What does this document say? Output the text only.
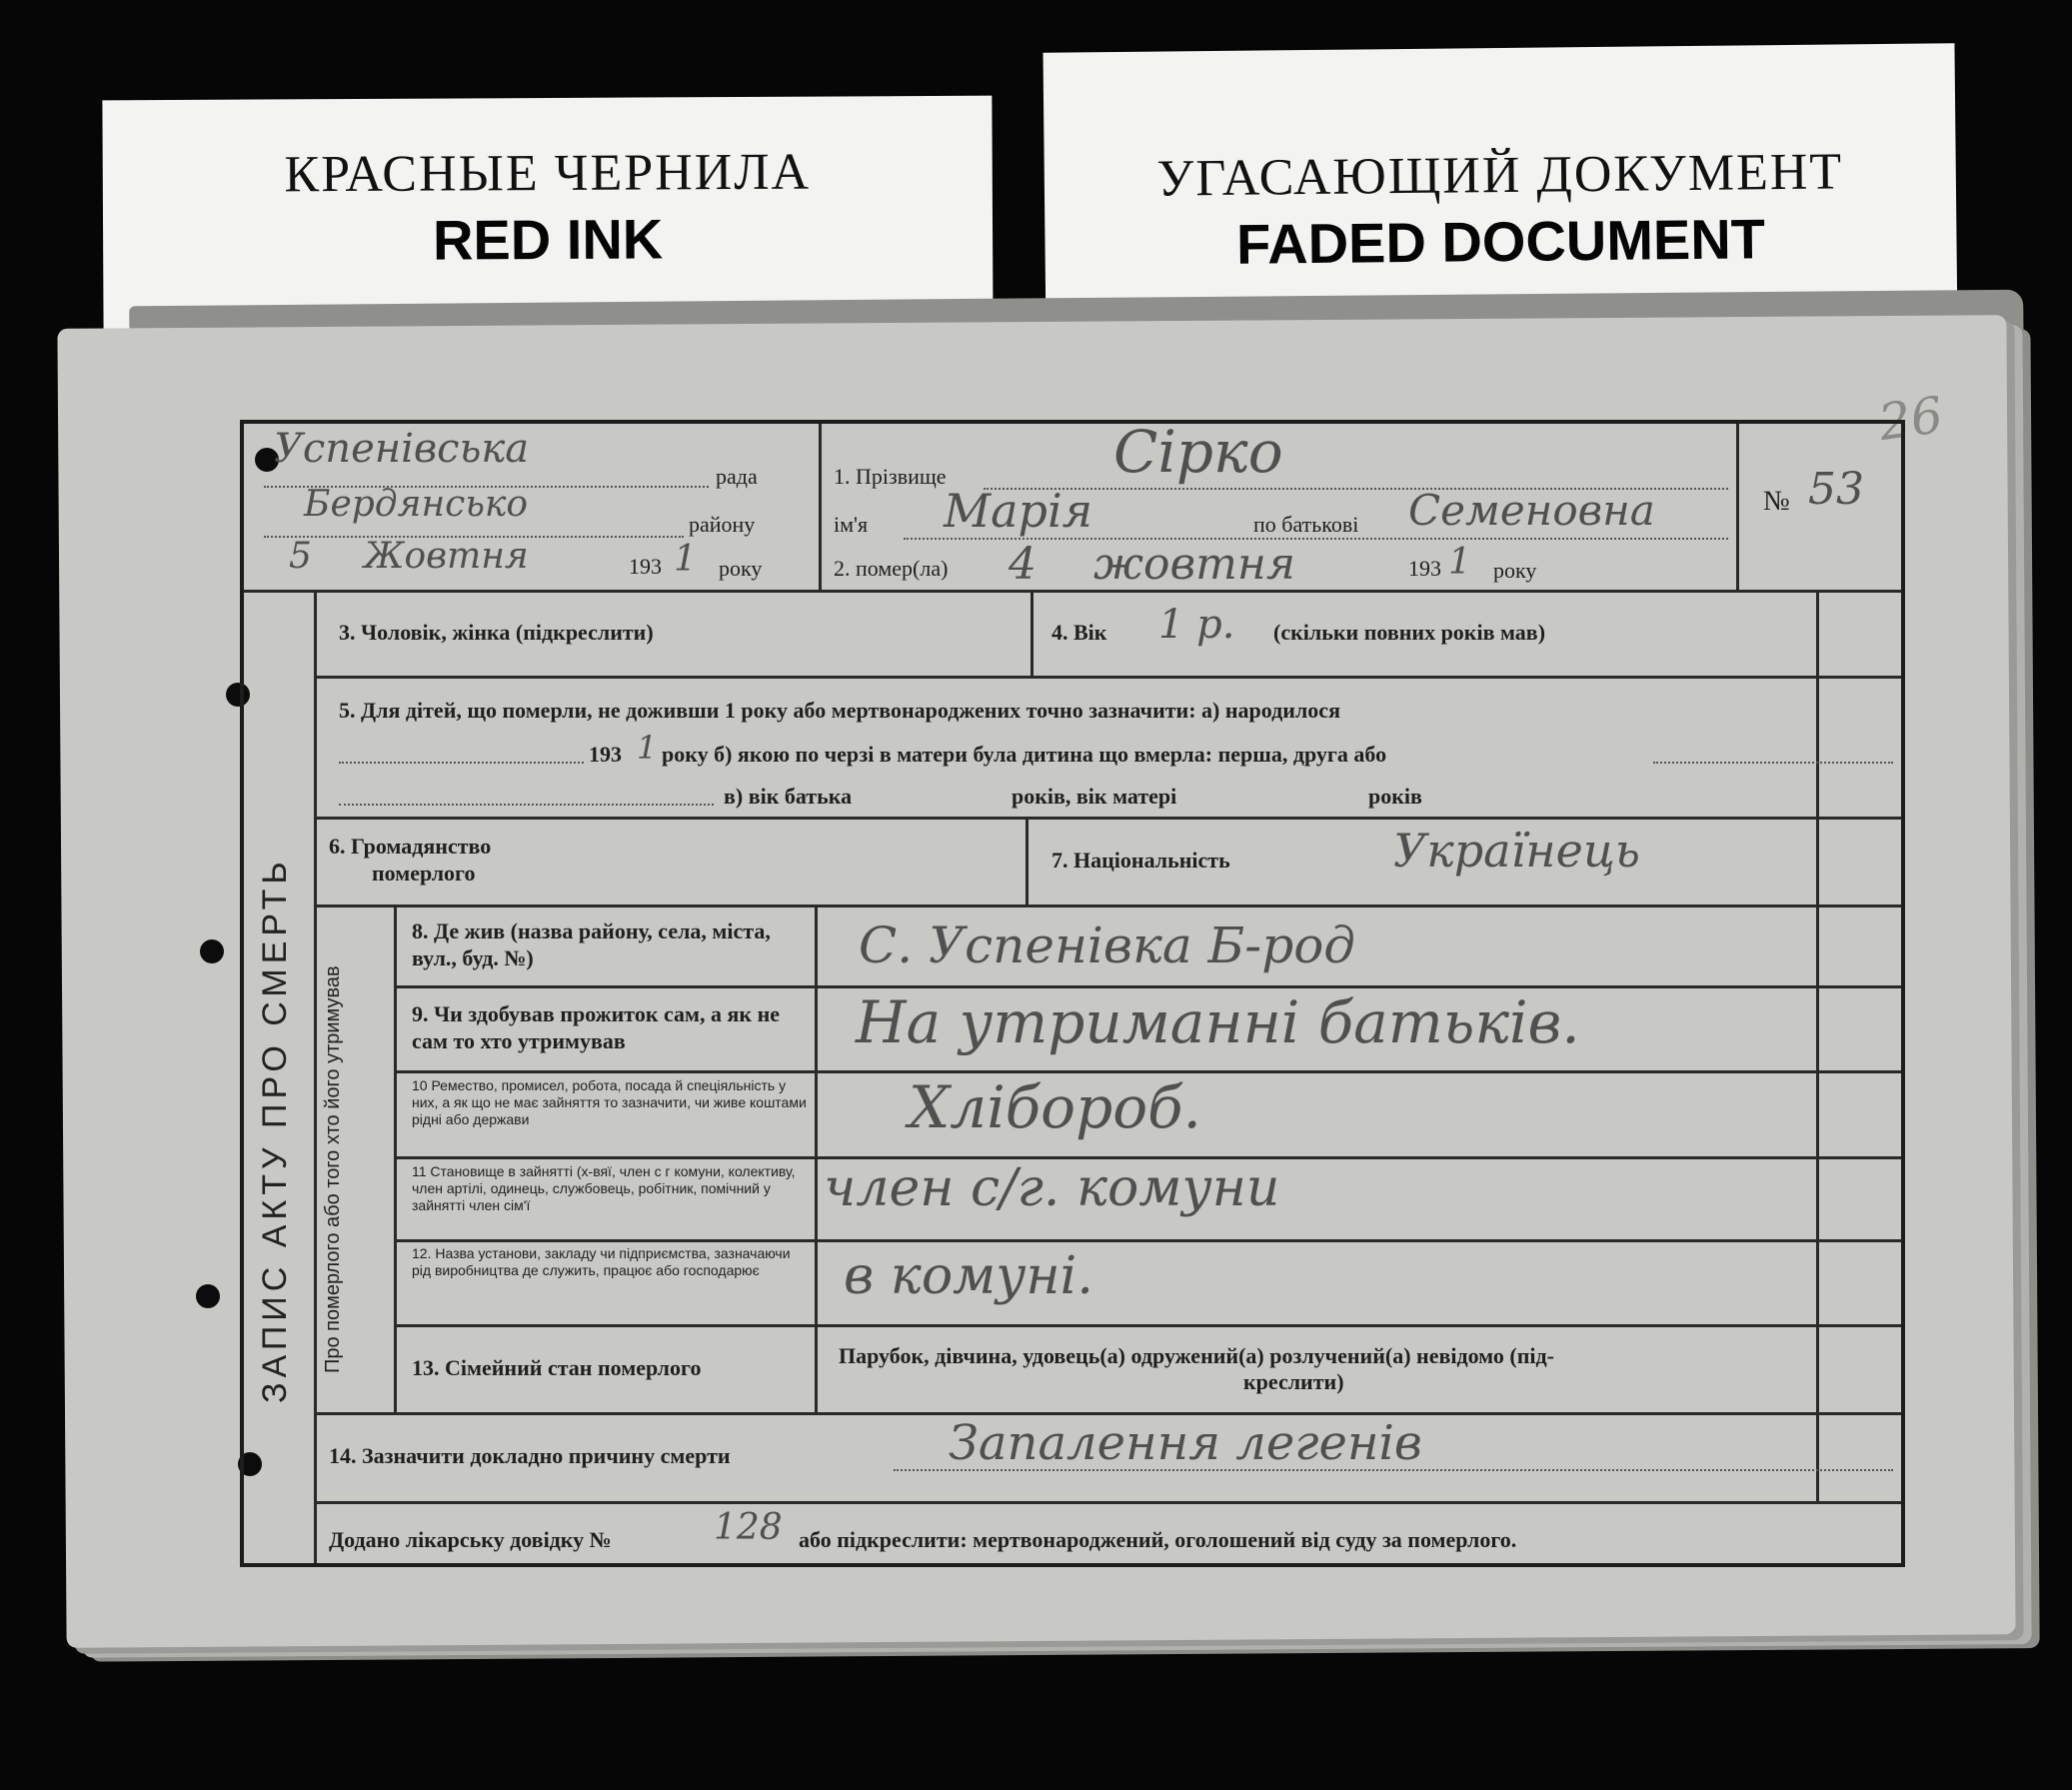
КРАСНЫЕ ЧЕРНИЛА
RED INK
УГАСАЮЩИЙ ДОКУМЕНТ
FADED DOCUMENT
26
ЗАПИС АКТУ ПРО СМЕРТЬ Про померлого або того хто його утримував
Успенівська
рада
Бердянсько	району
5 Жовтня	193 1 року
1. Прізвище	Сірко
ім'я Марія	по батькові Семеновна
2. помер(ла) 4 жовтня	193 1 року
№ 53
3. Чоловік, жінка (підкреслити)	4. Вік 1 р. (скільки повних років мав)
5. Для дітей, що померли, не доживши 1 року або мертвонароджених точно зазначити: а) народилося
193 1 року б) якою по черзі в матери була дитина що вмерла: перша, друга або
в) вік батька	років, вік матері	років
6. Громадянство
померлого
7. Національність	Українець
8. Де жив (назва району, села, міста, вул., буд. №)	С. Успенівка Б-род
9. Чи здобував прожиток сам, а як не сам то хто утримував	На утриманні батьків.
10 Ремество, промисел, робота, посада й спеціяльність у них, а як що не має зайняття то зазначити, чи живе коштами рідні або держави	Хлібороб.
11 Становище в зайнятті (х-вяї, член с г комуни, колективу, член артілі, одинець, службовець, робітник, помічний у зайнятті член сім'ї	член с/г. комуни
12. Назва установи, закладу чи підприємства, зазначаючи рід виробництва де служить, працює або господарює	в комуні.
13. Сімейний стан померлого	Парубок, дівчина, удовець(а) одружений(а) розлучений(а) невідомо (під-
креслити)
14. Зазначити докладно причину смерти	Запалення легенів
Додано лікарську довідку №	128 або підкреслити: мертвонароджений, оголошений від суду за померлого.
